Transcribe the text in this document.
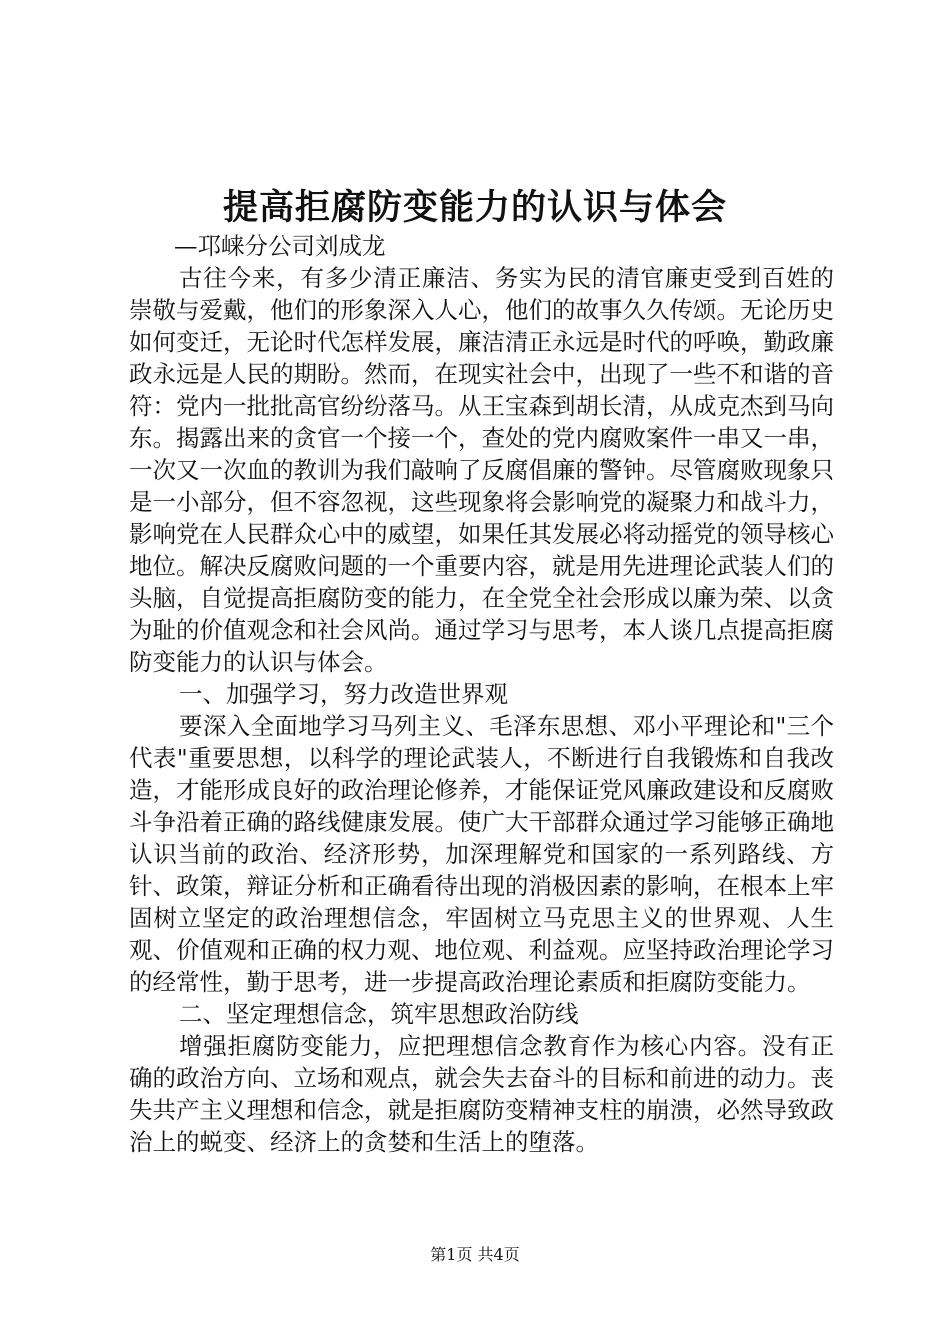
提高拒腐防变能力的认识与体会

—邛崃分公司刘成龙

古往今来，有多少清正廉洁、务实为民的清官廉吏受到百姓的崇敬与爱戴，他们的形象深入人心，他们的故事久久传颂。无论历史如何变迁，无论时代怎样发展，廉洁清正永远是时代的呼唤，勤政廉政永远是人民的期盼。然而，在现实社会中，出现了一些不和谐的音符：党内一批批高官纷纷落马。从王宝森到胡长清，从成克杰到马向东。揭露出来的贪官一个接一个，查处的党内腐败案件一串又一串，一次又一次血的教训为我们敲响了反腐倡廉的警钟。尽管腐败现象只是一小部分，但不容忽视，这些现象将会影响党的凝聚力和战斗力，影响党在人民群众心中的威望，如果任其发展必将动摇党的领导核心地位。解决反腐败问题的一个重要内容，就是用先进理论武装人们的头脑，自觉提高拒腐防变的能力，在全党全社会形成以廉为荣、以贪为耻的价值观念和社会风尚。通过学习与思考，本人谈几点提高拒腐防变能力的认识与体会。

一、加强学习，努力改造世界观

要深入全面地学习马列主义、毛泽东思想、邓小平理论和"三个代表"重要思想，以科学的理论武装人，不断进行自我锻炼和自我改造，才能形成良好的政治理论修养，才能保证党风廉政建设和反腐败斗争沿着正确的路线健康发展。使广大干部群众通过学习能够正确地认识当前的政治、经济形势，加深理解党和国家的一系列路线、方针、政策，辩证分析和正确看待出现的消极因素的影响，在根本上牢固树立坚定的政治理想信念，牢固树立马克思主义的世界观、人生观、价值观和正确的权力观、地位观、利益观。应坚持政治理论学习的经常性，勤于思考，进一步提高政治理论素质和拒腐防变能力。

二、坚定理想信念，筑牢思想政治防线

增强拒腐防变能力，应把理想信念教育作为核心内容。没有正确的政治方向、立场和观点，就会失去奋斗的目标和前进的动力。丧失共产主义理想和信念，就是拒腐防变精神支柱的崩溃，必然导致政治上的蜕变、经济上的贪婪和生活上的堕落。

第1页 共4页
